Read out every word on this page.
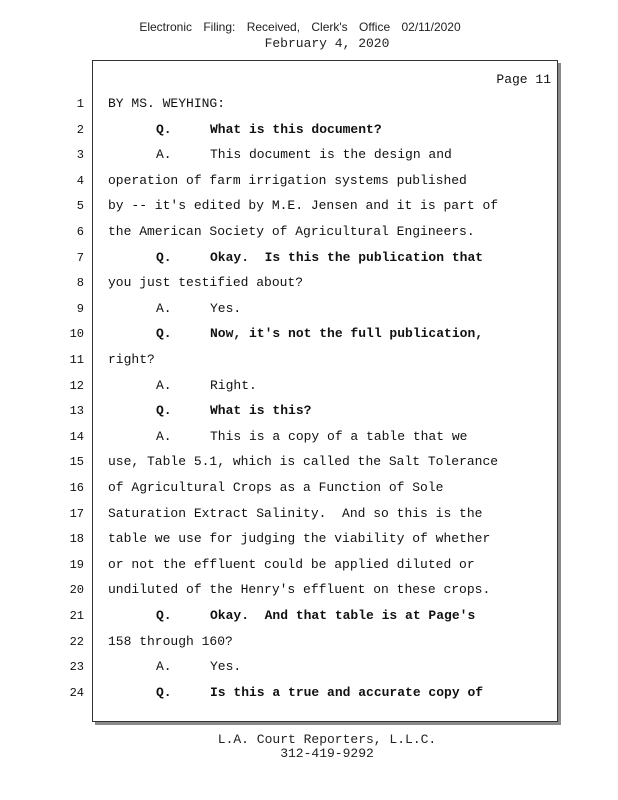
Electronic Filing: Received, Clerk's Office 02/11/2020
February 4, 2020
Page 11
1 BY MS. WEYHING:
2	Q.	What is this document?
3	A.	This document is the design and
4 operation of farm irrigation systems published
5 by -- it's edited by M.E. Jensen and it is part of
6 the American Society of Agricultural Engineers.
7	Q.	Okay.  Is this the publication that
8 you just testified about?
9	A.	Yes.
10	Q.	Now, it's not the full publication,
11 right?
12	A.	Right.
13	Q.	What is this?
14	A.	This is a copy of a table that we
15 use, Table 5.1, which is called the Salt Tolerance
16 of Agricultural Crops as a Function of Sole
17 Saturation Extract Salinity.  And so this is the
18 table we use for judging the viability of whether
19 or not the effluent could be applied diluted or
20 undiluted of the Henry's effluent on these crops.
21	Q.	Okay.  And that table is at Page's
22 158 through 160?
23	A.	Yes.
24	Q.	Is this a true and accurate copy of
L.A. Court Reporters, L.L.C.
312-419-9292
